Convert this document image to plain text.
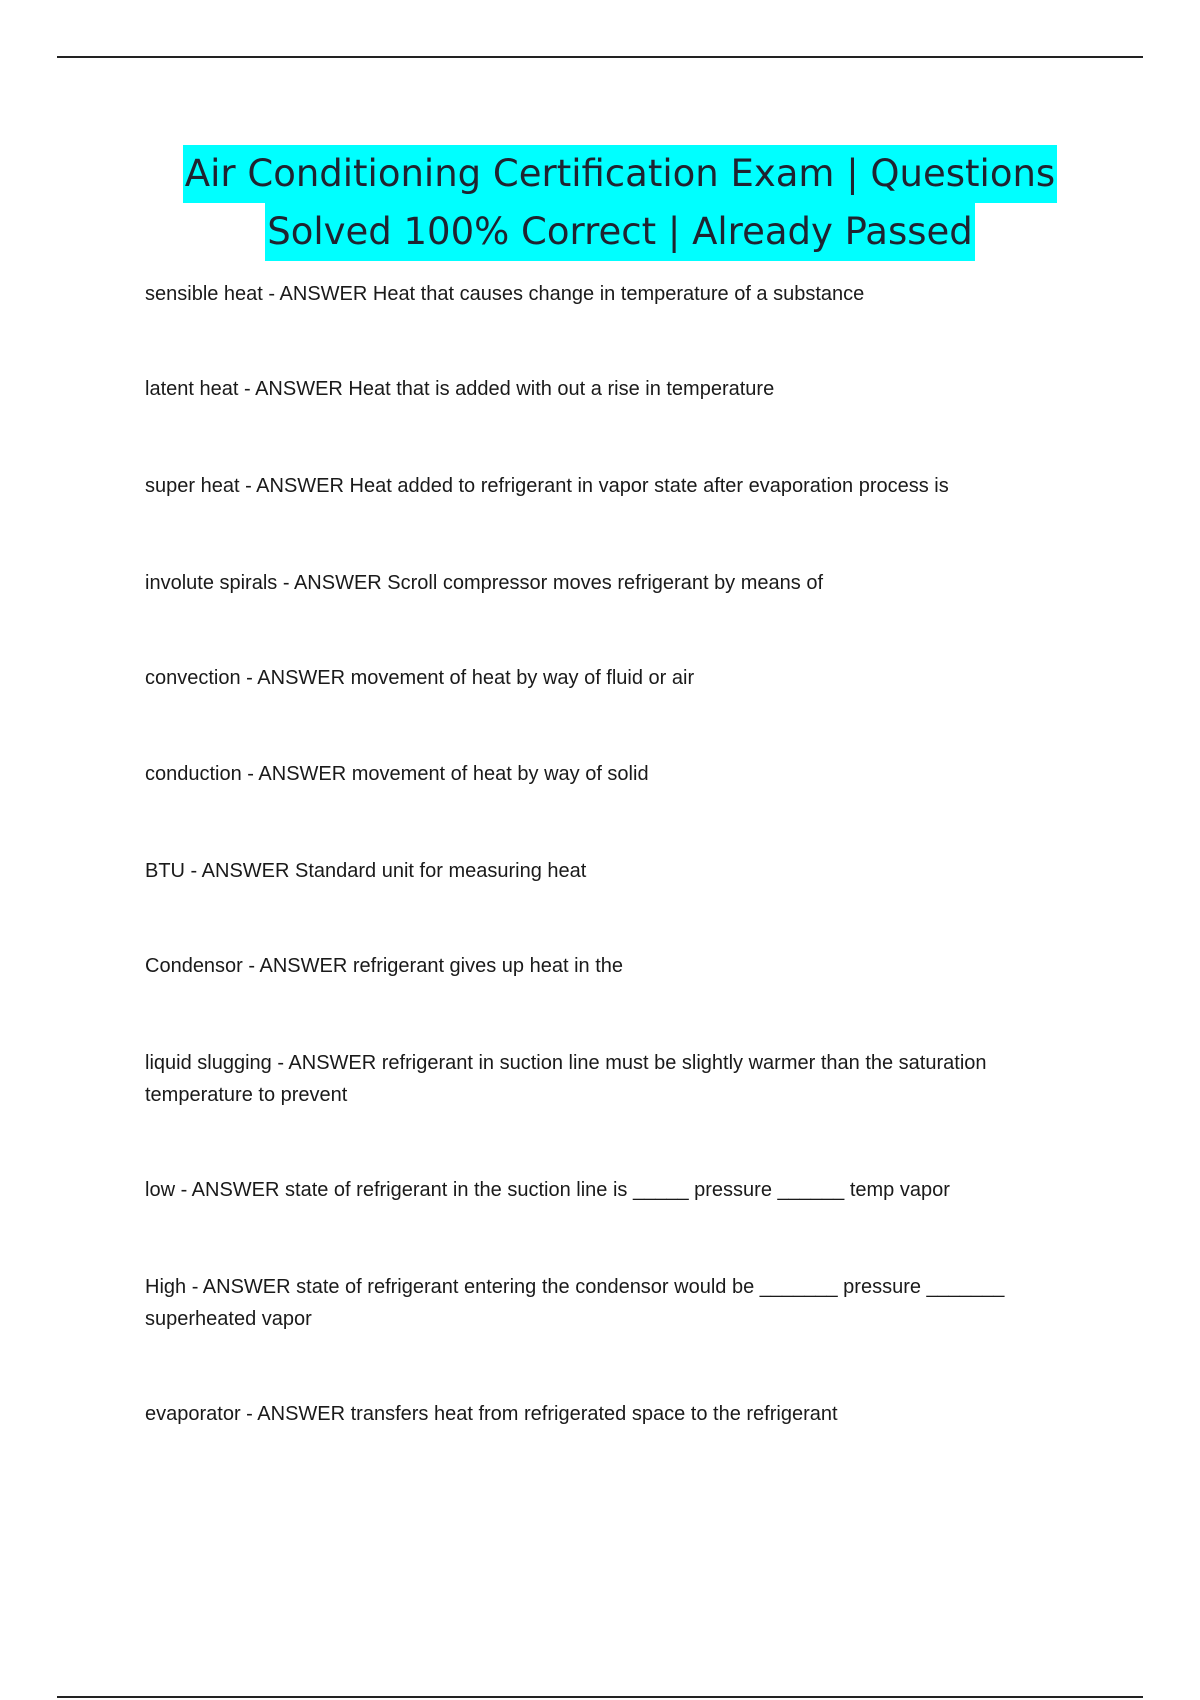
Air Conditioning Certification Exam | Questions
Solved 100% Correct | Already Passed

sensible heat - ANSWER Heat that causes change in temperature of a substance

latent heat - ANSWER Heat that is added with out a rise in temperature

super heat - ANSWER Heat added to refrigerant in vapor state after evaporation process is

involute spirals - ANSWER Scroll compressor moves refrigerant by means of

convection - ANSWER movement of heat by way of fluid or air

conduction - ANSWER movement of heat by way of solid

BTU - ANSWER Standard unit for measuring heat

Condensor - ANSWER refrigerant gives up heat in the

liquid slugging - ANSWER refrigerant in suction line must be slightly warmer than the saturation temperature to prevent

low - ANSWER state of refrigerant in the suction line is _____ pressure ______ temp vapor

High - ANSWER state of refrigerant entering the condensor would be _______ pressure _______ superheated vapor

evaporator - ANSWER transfers heat from refrigerated space to the refrigerant
